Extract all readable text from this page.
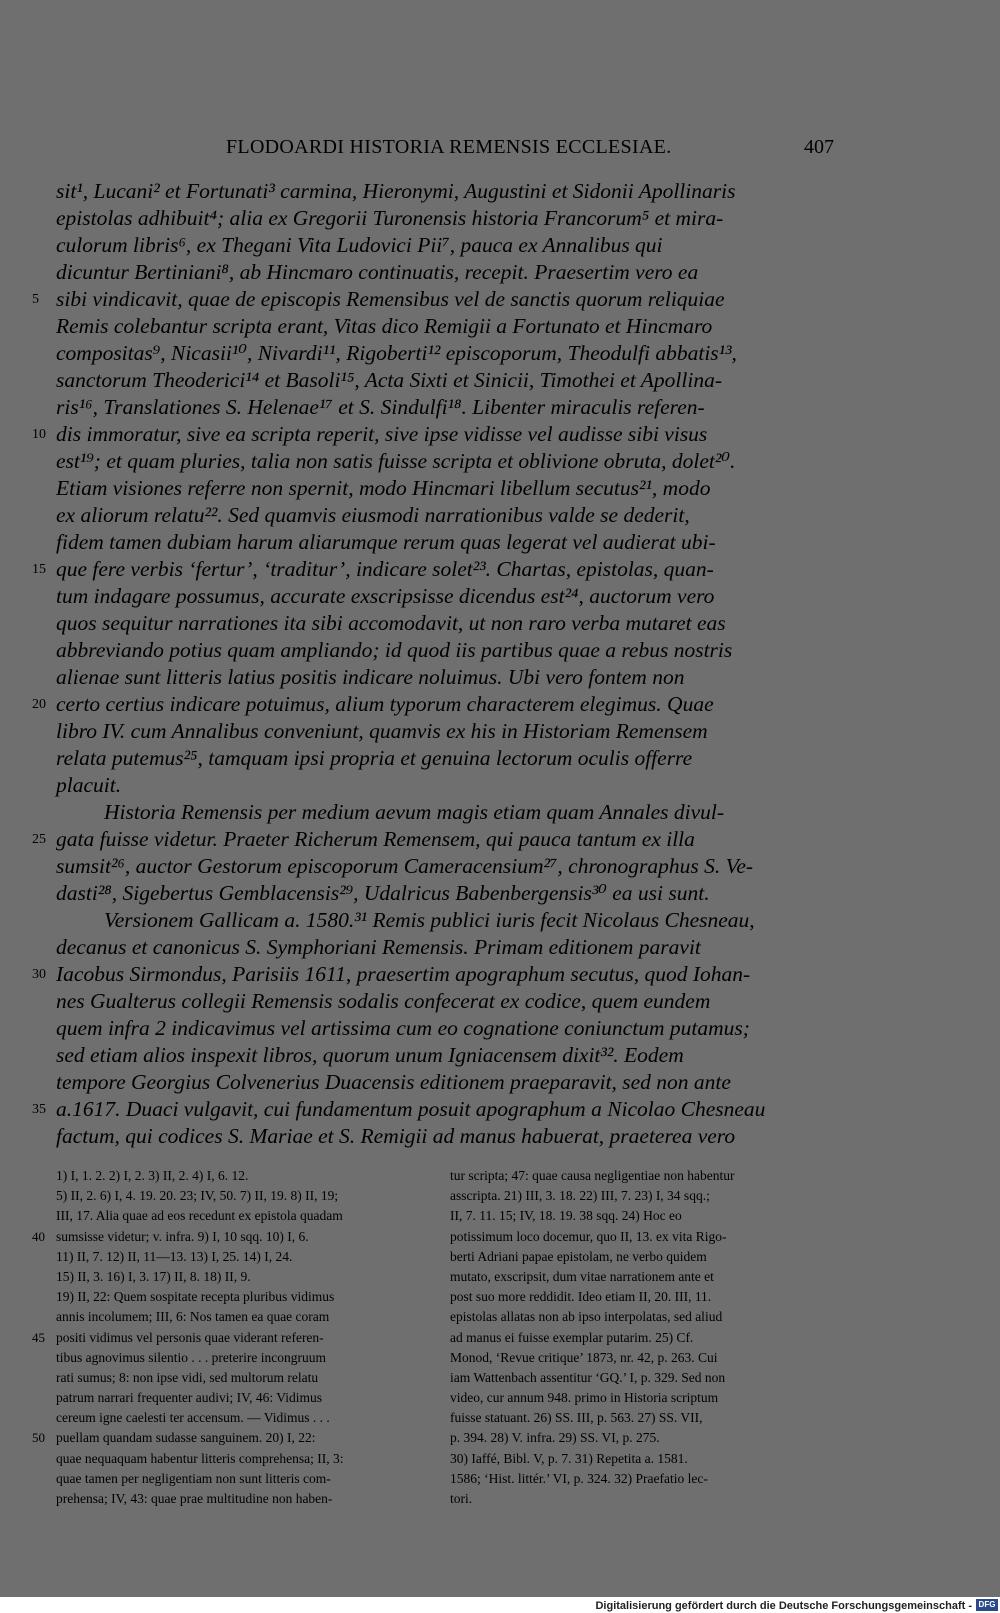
FLODOARDI HISTORIA REMENSIS ECCLESIAE.	407
sit¹, Lucani² et Fortunati³ carmina, Hieronymi, Augustini et Sidonii Apollinaris
epistolas adhibuit⁴; alia ex Gregorii Turonensis historia Francorum⁵ et mira-
culorum libris⁶, ex Thegani Vita Ludovici Pii⁷, pauca ex Annalibus qui
dicuntur Bertiniani⁸, ab Hincmaro continuatis, recepit. Praesertim vero ea
sibi vindicavit, quae de episcopis Remensibus vel de sanctis quorum reliquiae
5
Remis colebantur scripta erant, Vitas dico Remigii a Fortunato et Hincmaro
compositas⁹, Nicasii¹⁰, Nivardi¹¹, Rigoberti¹² episcoporum, Theodulfi abbatis¹³,
sanctorum Theoderici¹⁴ et Basoli¹⁵, Acta Sixti et Sinicii, Timothei et Apollina-
ris¹⁶, Translationes S. Helenae¹⁷ et S. Sindulfi¹⁸. Libenter miraculis referen-
dis immoratur, sive ea scripta reperit, sive ipse vidisse vel audisse sibi visus
10
est¹⁹; et quam pluries, talia non satis fuisse scripta et oblivione obruta, dolet²⁰.
Etiam visiones referre non spernit, modo Hincmari libellum secutus²¹, modo
ex aliorum relatu²². Sed quamvis eiusmodi narrationibus valde se dederit,
fidem tamen dubiam harum aliarumque rerum quas legerat vel audierat ubi-
que fere verbis ‘fertur’, ‘traditur’, indicare solet²³. Chartas, epistolas, quan-
15
tum indagare possumus, accurate exscripsisse dicendus est²⁴, auctorum vero
quos sequitur narrationes ita sibi accomodavit, ut non raro verba mutaret eas
abbreviando potius quam ampliando; id quod iis partibus quae a rebus nostris
alienae sunt litteris latius positis indicare noluimus. Ubi vero fontem non
certo certius indicare potuimus, alium typorum characterem elegimus. Quae
20
libro IV. cum Annalibus conveniunt, quamvis ex his in Historiam Remensem
relata putemus²⁵, tamquam ipsi propria et genuina lectorum oculis offerre
placuit.
Historia Remensis per medium aevum magis etiam quam Annales divul-
gata fuisse videtur. Praeter Richerum Remensem, qui pauca tantum ex illa
25
sumsit²⁶, auctor Gestorum episcoporum Cameracensium²⁷, chronographus S. Ve-
dasti²⁸, Sigebertus Gemblacensis²⁹, Udalricus Babenbergensis³⁰ ea usi sunt.
Versionem Gallicam a. 1580.³¹ Remis publici iuris fecit Nicolaus Chesneau,
decanus et canonicus S. Symphoriani Remensis. Primam editionem paravit
Iacobus Sirmondus, Parisiis 1611, praesertim apographum secutus, quod Iohan-
30
nes Gualterus collegii Remensis sodalis confecerat ex codice, quem eundem
quem infra 2 indicavimus vel artissima cum eo cognatione coniunctum putamus;
sed etiam alios inspexit libros, quorum unum Igniacensem dixit³². Eodem
tempore Georgius Colvenerius Duacensis editionem praeparavit, sed non ante
a.1617. Duaci vulgavit, cui fundamentum posuit apographum a Nicolao Chesneau
35
factum, qui codices S. Mariae et S. Remigii ad manus habuerat, praeterea vero
1) I, 1. 2. 2) I, 2. 3) II, 2. 4) I, 6. 12.
5) II, 2. 6) I, 4. 19. 20. 23; IV, 50. 7) II, 19. 8) II, 19;
III, 17. Alia quae ad eos recedunt ex epistola quadam
sumsisse videtur; v. infra. 9) I, 10 sqq. 10) I, 6.
40
11) II, 7. 12) II, 11—13. 13) I, 25. 14) I, 24.
15) II, 3. 16) I, 3. 17) II, 8. 18) II, 9.
19) II, 22: Quem sospitate recepta pluribus vidimus
annis incolumem; III, 6: Nos tamen ea quae coram
positi vidimus vel personis quae viderant referen-
45
tibus agnovimus silentio . . . preterire incongruum
rati sumus; 8: non ipse vidi, sed multorum relatu
patrum narrari frequenter audivi; IV, 46: Vidimus
cereum igne caelesti ter accensum. — Vidimus . . .
puellam quandam sudasse sanguinem. 20) I, 22:
50
quae nequaquam habentur litteris comprehensa; II, 3:
quae tamen per negligentiam non sunt litteris com-
prehensa; IV, 43: quae prae multitudine non haben-
tur scripta; 47: quae causa negligentiae non habentur
asscripta. 21) III, 3. 18. 22) III, 7. 23) I, 34 sqq.;
II, 7. 11. 15; IV, 18. 19. 38 sqq. 24) Hoc eo
potissimum loco docemur, quo II, 13. ex vita Rigo-
berti Adriani papae epistolam, ne verbo quidem
mutato, exscripsit, dum vitae narrationem ante et
post suo more reddidit. Ideo etiam II, 20. III, 11.
epistolas allatas non ab ipso interpolatas, sed aliud
ad manus ei fuisse exemplar putarim. 25) Cf.
Monod, ‘Revue critique’ 1873, nr. 42, p. 263. Cui
iam Wattenbach assentitur ‘GQ.’ I, p. 329. Sed non
video, cur annum 948. primo in Historia scriptum
fuisse statuant. 26) SS. III, p. 563. 27) SS. VII,
p. 394. 28) V. infra. 29) SS. VI, p. 275.
30) Iaffé, Bibl. V, p. 7. 31) Repetita a. 1581.
1586; ‘Hist. littér.’ VI, p. 324. 32) Praefatio lec-
tori.
Digitalisierung gefördert durch die Deutsche Forschungsgemeinschaft - DFG
